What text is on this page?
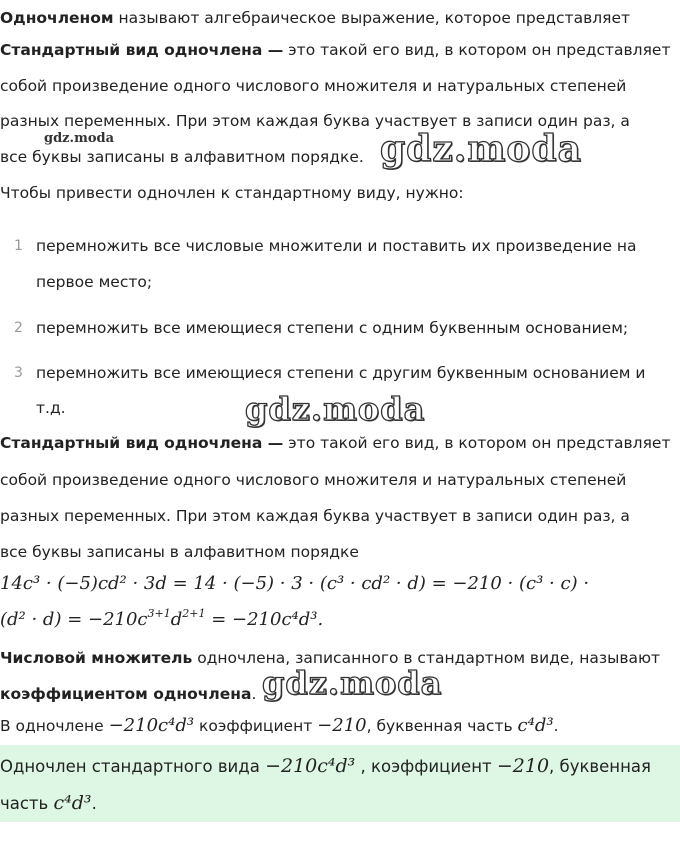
Одночленом называют алгебраическое выражение, которое представляет
Стандартный вид одночлена — это такой его вид, в котором он представляет
собой произведение одного числового множителя и натуральных степеней
разных переменных. При этом каждая буква участвует в записи один раз, а
gdz.moda
все буквы записаны в алфавитном порядке. gdz.moda
Чтобы привести одночлен к стандартному виду, нужно:
1 перемножить все числовые множители и поставить их произведение на
первое место;
2 перемножить все имеющиеся степени с одним буквенным основанием;
3 перемножить все имеющиеся степени с другим буквенным основанием и
т.д.	gdz.moda
Стандартный вид одночлена — это такой его вид, в котором он представляет
собой произведение одного числового множителя и натуральных степеней
разных переменных. При этом каждая буква участвует в записи один раз, а
все буквы записаны в алфавитном порядке
14c³ · (−5)cd² · 3d = 14 · (−5) · 3 · (c³ · cd² · d) = −210 · (c³ · c) ·
$(d^2 \cdot d) = -210c^{3+1}d^{2+1} = -210c^4d^3$.
Числовой множитель одночлена, записанного в стандартном виде, называют
коэффициентом одночлена. gdz.moda
В одночлене −210c⁴d³ коэффициент −210, буквенная часть c⁴d³.
Одночлен стандартного вида −210c⁴d³ , коэффициент −210, буквенная
часть c⁴d³.
